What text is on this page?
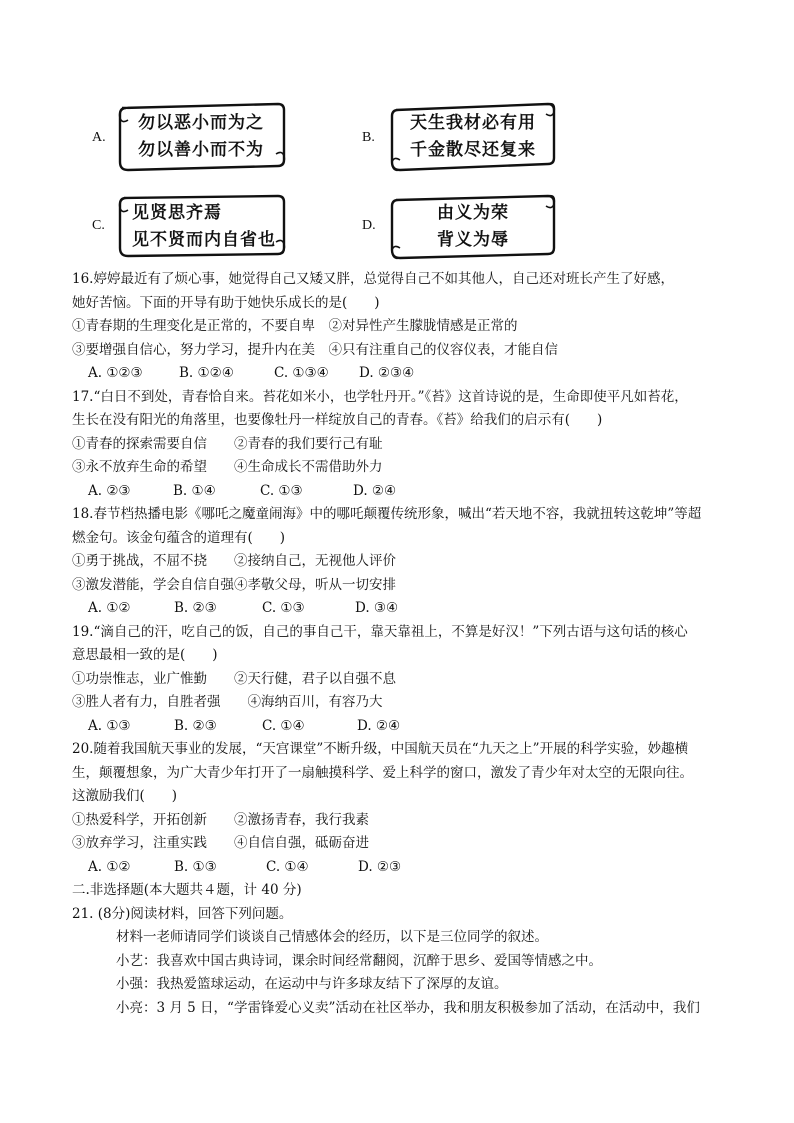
A.
勿以恶小而为之
勿以善小而不为
B.
天生我材必有用
千金散尽还复来
C.
见贤思齐焉
见不贤而内自省也
D.
由义为荣
背义为辱
16.婷婷最近有了烦心事，她觉得自己又矮又胖，总觉得自己不如其他人，自己还对班长产生了好感，
她好苦恼。下面的开导有助于她快乐成长的是(　　)
①青春期的生理变化是正常的，不要自卑　②对异性产生朦胧情感是正常的
③要增强自信心，努力学习，提升内在美　④只有注重自己的仪容仪表，才能自信
A. ①②③	B. ①②④	C. ①③④	D. ②③④
17.“白日不到处，青春恰自来。苔花如米小，也学牡丹开。”《苔》这首诗说的是，生命即使平凡如苔花，
生长在没有阳光的角落里，也要像牡丹一样绽放自己的青春。《苔》给我们的启示有(　　)
①青春的探索需要自信　　②青春的我们要行己有耻
③永不放弃生命的希望　　④生命成长不需借助外力
A. ②③	B. ①④	C. ①③	D. ②④
18.春节档热播电影《哪吒之魔童闹海》中的哪吒颠覆传统形象，喊出“若天地不容，我就扭转这乾坤”等超
燃金句。该金句蕴含的道理有(　　)
①勇于挑战，不屈不挠　　②接纳自己，无视他人评价
③激发潜能，学会自信自强④孝敬父母，听从一切安排
A. ①②	B. ②③	C. ①③	D. ③④
19.“滴自己的汗，吃自己的饭，自己的事自己干，靠天靠祖上，不算是好汉！”下列古语与这句话的核心
意思最相一致的是(　　)
①功崇惟志，业广惟勤　　②天行健，君子以自强不息
③胜人者有力，自胜者强　　④海纳百川，有容乃大
A. ①③	B. ②③	C. ①④	D. ②④
20.随着我国航天事业的发展，“天宫课堂”不断升级，中国航天员在“九天之上”开展的科学实验，妙趣横
生，颠覆想象，为广大青少年打开了一扇触摸科学、爱上科学的窗口，激发了青少年对太空的无限向往。
这激励我们(　　)
①热爱科学，开拓创新　　②激扬青春，我行我素
③放弃学习，注重实践　　④自信自强，砥砺奋进
A. ①②	B. ①③	C. ①④	D. ②③
二.非选择题(本大题共４题，计 40 分)
21. (8分)阅读材料，回答下列问题。
材料一老师请同学们谈谈自己情感体会的经历，以下是三位同学的叙述。
小艺：我喜欢中国古典诗词，课余时间经常翻阅，沉醉于思乡、爱国等情感之中。
小强：我热爱篮球运动，在运动中与许多球友结下了深厚的友谊。
小亮：3 月 5 日，“学雷锋爱心义卖”活动在社区举办，我和朋友积极参加了活动，在活动中，我们
